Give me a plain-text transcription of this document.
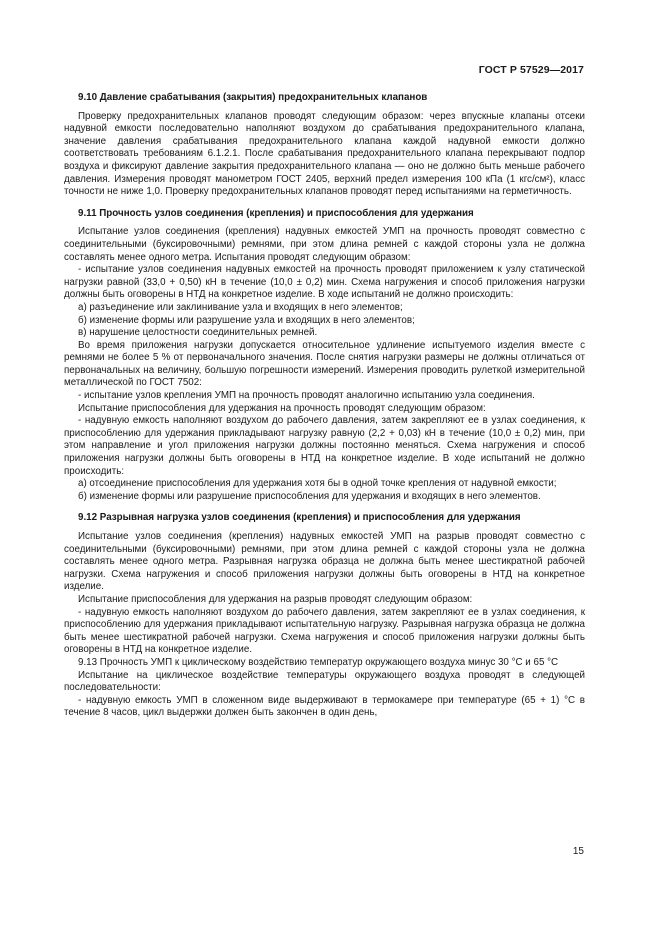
ГОСТ Р 57529—2017

9.10 Давление срабатывания (закрытия) предохранительных клапанов

Проверку предохранительных клапанов проводят следующим образом: через впускные клапаны отсеки надувной емкости последовательно наполняют воздухом до срабатывания предохранительного клапана, значение давления срабатывания предохранительного клапана каждой надувной емкости должно соответствовать требованиям 6.1.2.1. После срабатывания предохранительного клапана перекрывают подпор воздуха и фиксируют давление закрытия предохранительного клапана — оно не должно быть меньше рабочего давления. Измерения проводят манометром ГОСТ 2405, верхний предел измерения 100 кПа (1 кгс/см²), класс точности не ниже 1,0. Проверку предохранительных клапанов проводят перед испытаниями на герметичность.

9.11 Прочность узлов соединения (крепления) и приспособления для удержания

Испытание узлов соединения (крепления) надувных емкостей УМП на прочность проводят совместно с соединительными (буксировочными) ремнями, при этом длина ремней с каждой стороны узла не должна составлять менее одного метра. Испытания проводят следующим образом:

- испытание узлов соединения надувных емкостей на прочность проводят приложением к узлу статической нагрузки равной (33,0 + 0,50) кН в течение (10,0 ± 0,2) мин. Схема нагружения и способ приложения нагрузки должны быть оговорены в НТД на конкретное изделие. В ходе испытаний не должно происходить:

а) разъединение или заклинивание узла и входящих в него элементов;

б) изменение формы или разрушение узла и входящих в него элементов;

в) нарушение целостности соединительных ремней.

Во время приложения нагрузки допускается относительное удлинение испытуемого изделия вместе с ремнями не более 5 % от первоначального значения. После снятия нагрузки размеры не должны отличаться от первоначальных на величину, большую погрешности измерений. Измерения проводить рулеткой измерительной металлической по ГОСТ 7502:

- испытание узлов крепления УМП на прочность проводят аналогично испытанию узла соединения.

Испытание приспособления для удержания на прочность проводят следующим образом:

- надувную емкость наполняют воздухом до рабочего давления, затем закрепляют ее в узлах соединения, к приспособлению для удержания прикладывают нагрузку равную (2,2 + 0,03) кН в течение (10,0 ± 0,2) мин, при этом направление и угол приложения нагрузки должны постоянно меняться. Схема нагружения и способ приложения нагрузки должны быть оговорены в НТД на конкретное изделие. В ходе испытаний не должно происходить:

а) отсоединение приспособления для удержания хотя бы в одной точке крепления от надувной емкости;

б) изменение формы или разрушение приспособления для удержания и входящих в него элементов.

9.12 Разрывная нагрузка узлов соединения (крепления) и приспособления для удержания

Испытание узлов соединения (крепления) надувных емкостей УМП на разрыв проводят совместно с соединительными (буксировочными) ремнями, при этом длина ремней с каждой стороны узла не должна составлять менее одного метра. Разрывная нагрузка образца не должна быть менее шестикратной рабочей нагрузки. Схема нагружения и способ приложения нагрузки должны быть оговорены в НТД на конкретное изделие.

Испытание приспособления для удержания на разрыв проводят следующим образом:

- надувную емкость наполняют воздухом до рабочего давления, затем закрепляют ее в узлах соединения, к приспособлению для удержания прикладывают испытательную нагрузку. Разрывная нагрузка образца не должна быть менее шестикратной рабочей нагрузки. Схема нагружения и способ приложения нагрузки должны быть оговорены в НТД на конкретное изделие.

9.13 Прочность УМП к циклическому воздействию температур окружающего воздуха минус 30 °С и 65 °С

Испытание на циклическое воздействие температуры окружающего воздуха проводят в следующей последовательности:

- надувную емкость УМП в сложенном виде выдерживают в термокамере при температуре (65 + 1) °С в течение 8 часов, цикл выдержки должен быть закончен в один день,

15
